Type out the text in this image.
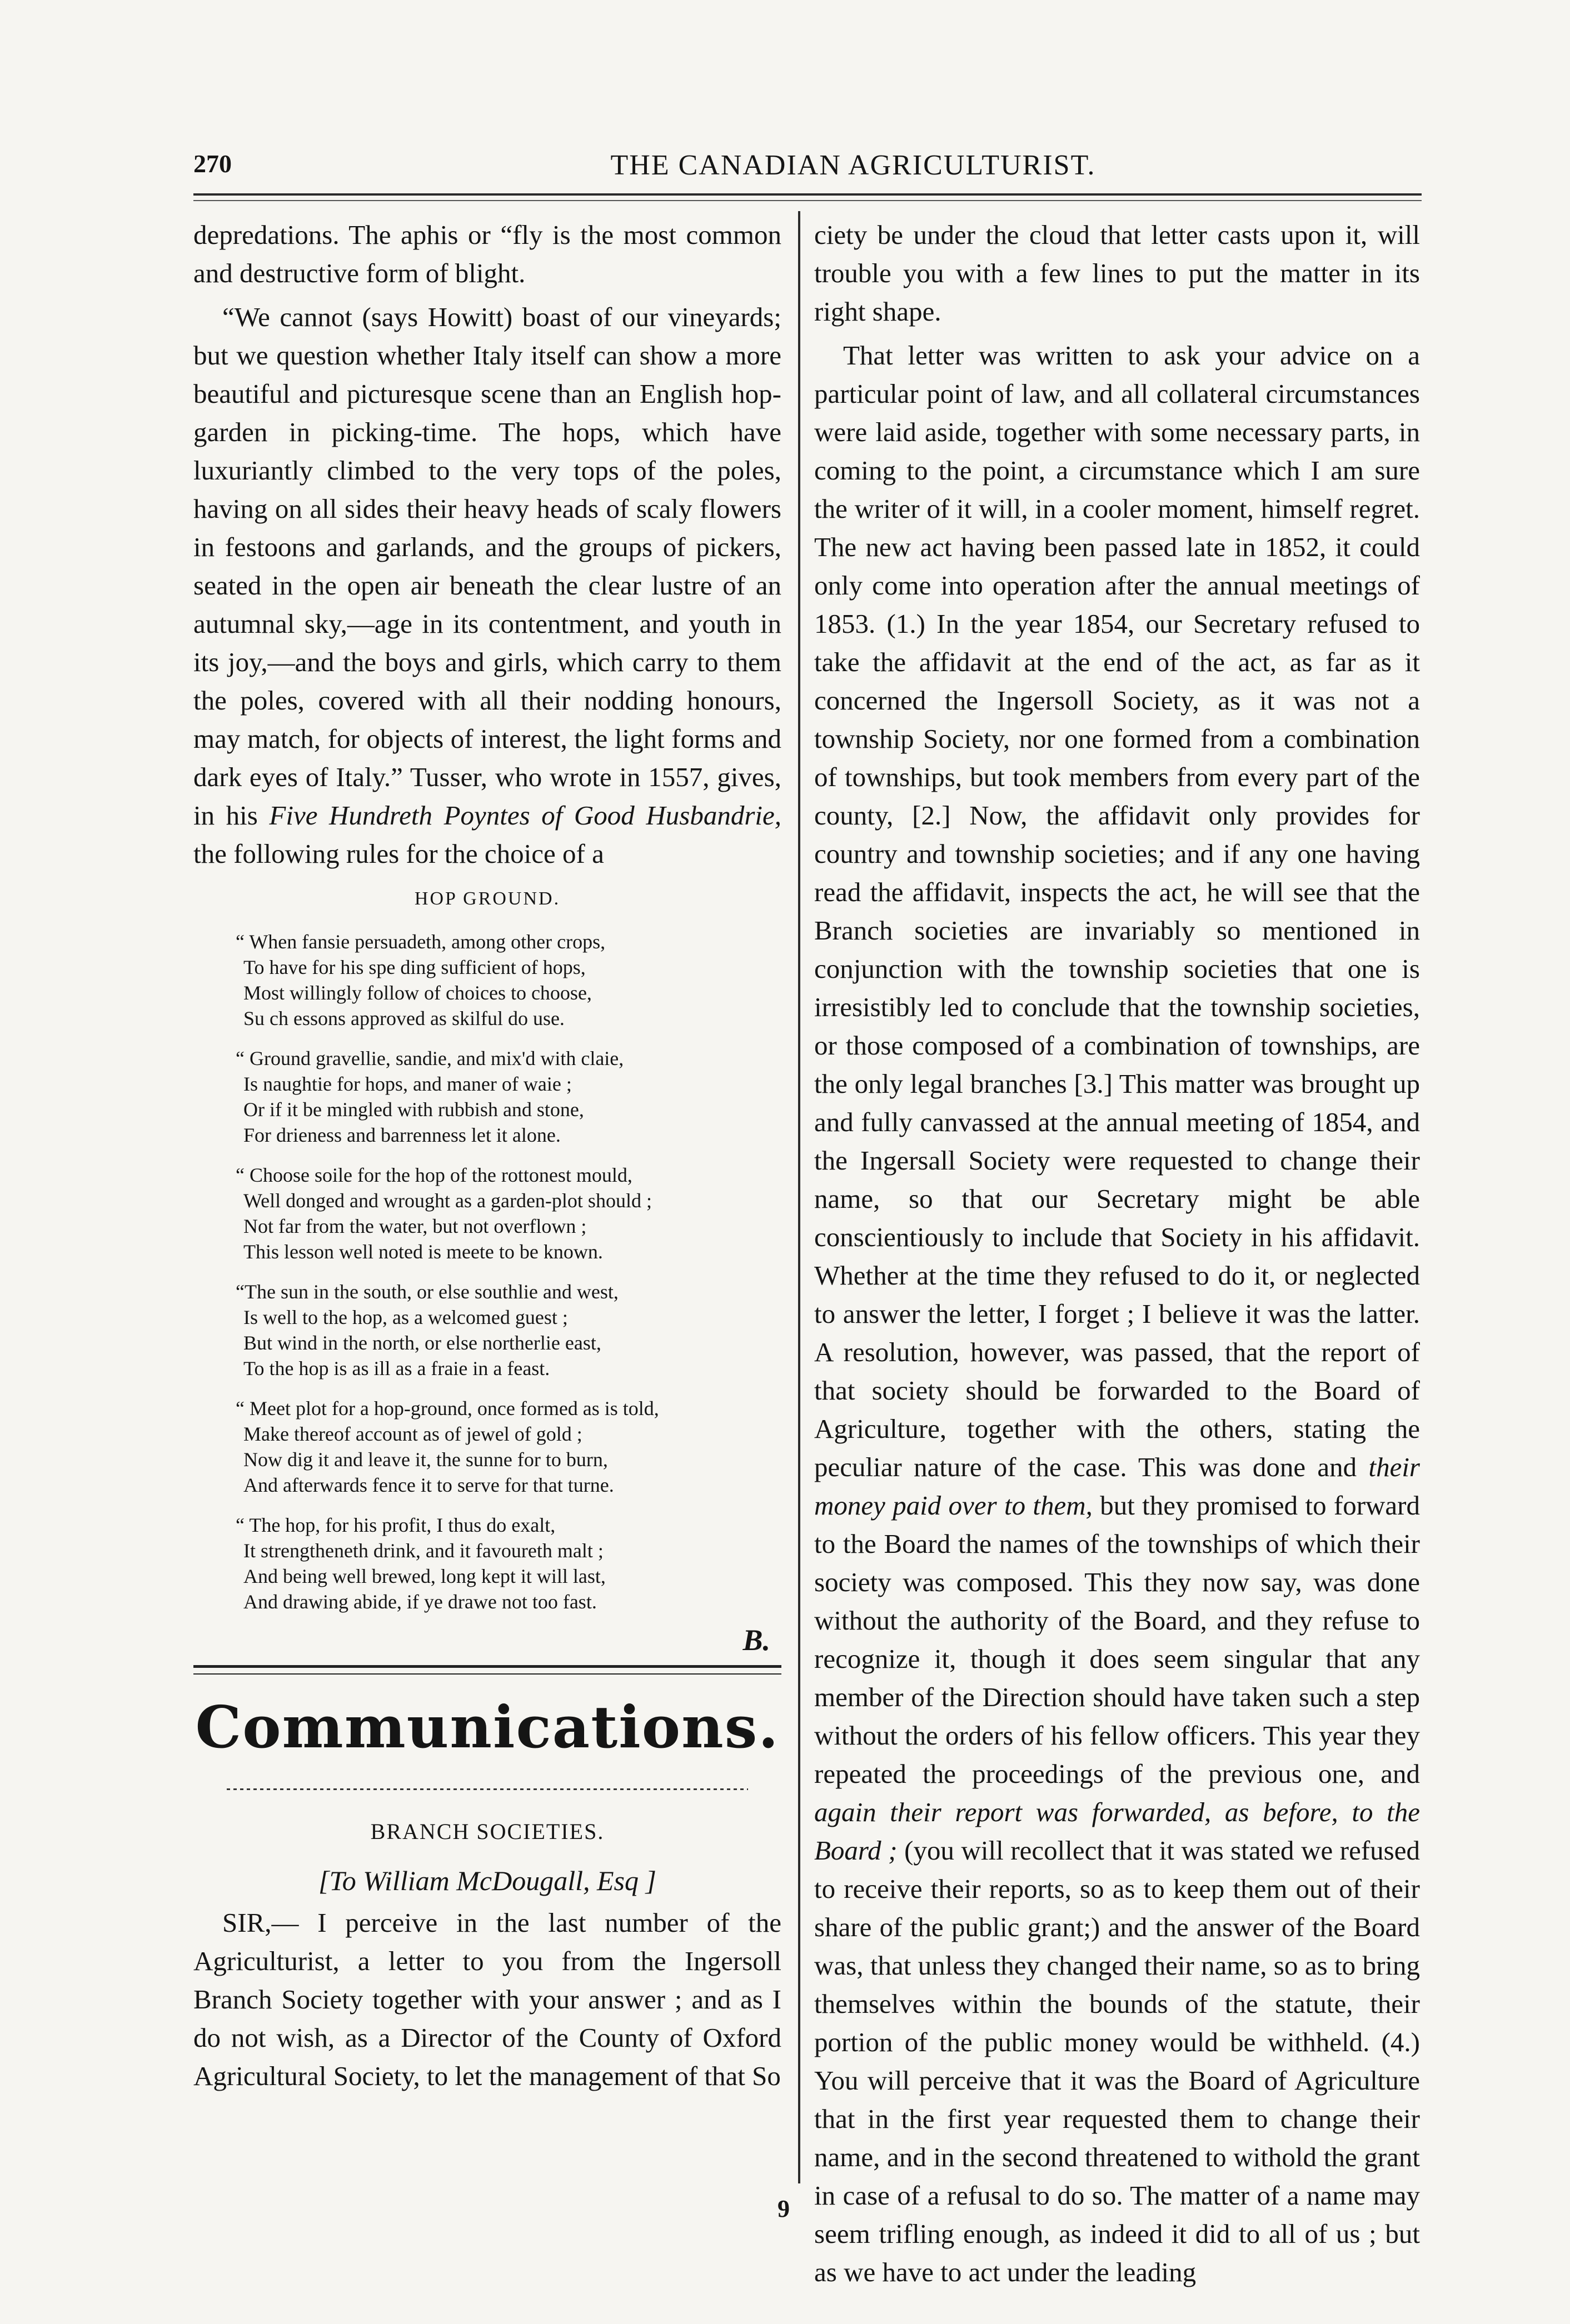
270	THE CANADIAN AGRICULTURIST.

depredations. The aphis or “fly is the most common and destructive form of blight.

“We cannot (says Howitt) boast of our vineyards; but we question whether Italy itself can show a more beautiful and picturesque scene than an English hop-garden in picking-time. The hops, which have luxuriantly climbed to the very tops of the poles, having on all sides their heavy heads of scaly flowers in festoons and garlands, and the groups of pickers, seated in the open air beneath the clear lustre of an autumnal sky,—age in its contentment, and youth in its joy,—and the boys and girls, which carry to them the poles, covered with all their nodding honours, may match, for objects of interest, the light forms and dark eyes of Italy.” Tusser, who wrote in 1557, gives, in his Five Hundreth Poyntes of Good Husbandrie, the following rules for the choice of a

HOP GROUND.
“ When fansie persuadeth, among other crops,
To have for his spe ding sufficient of hops,
Most willingly follow of choices to choose,
Su ch essons approved as skilful do use.
“ Ground gravellie, sandie, and mix'd with claie,
Is naughtie for hops, and maner of waie ;
Or if it be mingled with rubbish and stone,
For drieness and barrenness let it alone.
“ Choose soile for the hop of the rottonest mould,
Well donged and wrought as a garden-plot should ;
Not far from the water, but not overflown ;
This lesson well noted is meete to be known.
“The sun in the south, or else southlie and west,
Is well to the hop, as a welcomed guest ;
But wind in the north, or else northerlie east,
To the hop is as ill as a fraie in a feast.
“ Meet plot for a hop-ground, once formed as is told,
Make thereof account as of jewel of gold ;
Now dig it and leave it, the sunne for to burn,
And afterwards fence it to serve for that turne.
“ The hop, for his profit, I thus do exalt,
It strengtheneth drink, and it favoureth malt ;
And being well brewed, long kept it will last,
And drawing abide, if ye drawe not too fast.
B.
Communications.
BRANCH SOCIETIES.
[To William McDougall, Esq ]

SIR,— I perceive in the last number of the Agriculturist, a letter to you from the Ingersoll Branch Society together with your answer ; and as I do not wish, as a Director of the County of Oxford Agricultural Society, to let the management of that So

ciety be under the cloud that letter casts upon it, will trouble you with a few lines to put the matter in its right shape.

That letter was written to ask your advice on a particular point of law, and all collateral circumstances were laid aside, together with some necessary parts, in coming to the point, a circumstance which I am sure the writer of it will, in a cooler moment, himself regret. The new act having been passed late in 1852, it could only come into operation after the annual meetings of 1853. (1.) In the year 1854, our Secretary refused to take the affidavit at the end of the act, as far as it concerned the Ingersoll Society, as it was not a township Society, nor one formed from a combination of townships, but took members from every part of the county, [2.] Now, the affidavit only provides for country and township societies; and if any one having read the affidavit, inspects the act, he will see that the Branch societies are invariably so mentioned in conjunction with the township societies that one is irresistibly led to conclude that the township societies, or those composed of a combination of townships, are the only legal branches [3.] This matter was brought up and fully canvassed at the annual meeting of 1854, and the Ingersall Society were requested to change their name, so that our Secretary might be able conscientiously to include that Society in his affidavit. Whether at the time they refused to do it, or neglected to answer the letter, I forget ; I believe it was the latter. A resolution, however, was passed, that the report of that society should be forwarded to the Board of Agriculture, together with the others, stating the peculiar nature of the case. This was done and their money paid over to them, but they promised to forward to the Board the names of the townships of which their society was composed. This they now say, was done without the authority of the Board, and they refuse to recognize it, though it does seem singular that any member of the Direction should have taken such a step without the orders of his fellow officers. This year they repeated the proceedings of the previous one, and again their report was forwarded, as before, to the Board ; (you will recollect that it was stated we refused to receive their reports, so as to keep them out of their share of the public grant;) and the answer of the Board was, that unless they changed their name, so as to bring themselves within the bounds of the statute, their portion of the public money would be withheld. (4.) You will perceive that it was the Board of Agriculture that in the first year requested them to change their name, and in the second threatened to withold the grant in case of a refusal to do so. The matter of a name may seem trifling enough, as indeed it did to all of us ; but as we have to act under the leading

9
